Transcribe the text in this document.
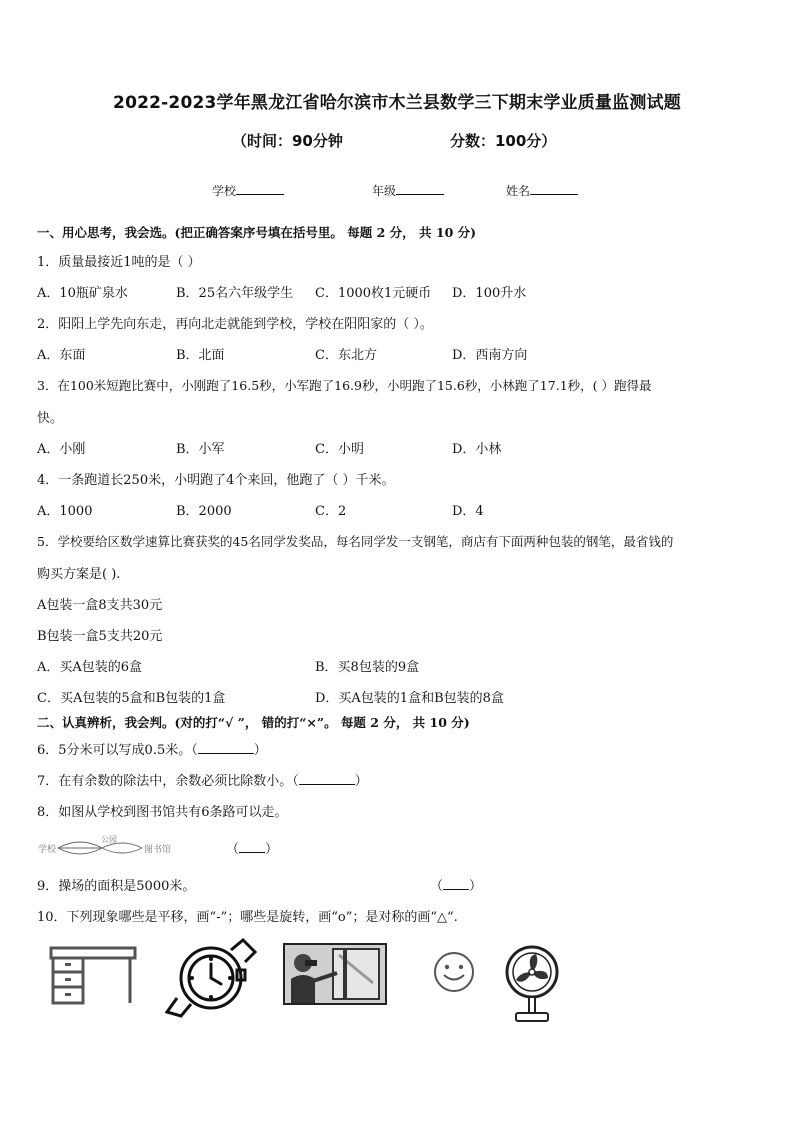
2022-2023学年黑龙江省哈尔滨市木兰县数学三下期末学业质量监测试题
（时间：90分钟	分数：100分）
学校	年级	姓名
一、用心思考，我会选。(把正确答案序号填在括号里。 每题 2 分， 共 10 分)
1．质量最接近1吨的是（ ）
A．10瓶矿泉水	B．25名六年级学生 C．1000枚1元硬币 D．100升水
2．阳阳上学先向东走，再向北走就能到学校，学校在阳阳家的（ ）。
A．东面	B．北面	C．东北方	D．西南方向
3．在100米短跑比赛中，小刚跑了16.5秒，小军跑了16.9秒，小明跑了15.6秒，小林跑了17.1秒，( ）跑得最
快。
A．小刚	B．小军	C．小明	D．小林
4．一条跑道长250米，小明跑了4个来回，他跑了（ ）千米。
A．1000	B．2000	C．2	D．4
5．学校要给区数学速算比赛获奖的45名同学发奖品，每名同学发一支钢笔，商店有下面两种包装的钢笔，最省钱的
购买方案是( ).
A包装一盒8支共30元
B包装一盒5支共20元
A．买A包装的6盒	B．买8包装的9盒
C．买A包装的5盒和B包装的1盒	D．买A包装的1盒和B包装的8盒
二、认真辨析，我会判。(对的打“√ ”， 错的打“×”。 每题 2 分， 共 10 分)
6．5分米可以写成0.5米。（	）
7．在有余数的除法中，余数必须比除数小。（	）
8．如图从学校到图书馆共有6条路可以走。
学校
公园
图书馆	（ ）
9．操场的面积是5000米。	（ ）
10．下列现象哪些是平移，画“-”；哪些是旋转，画“o”；是对称的画“△“.
